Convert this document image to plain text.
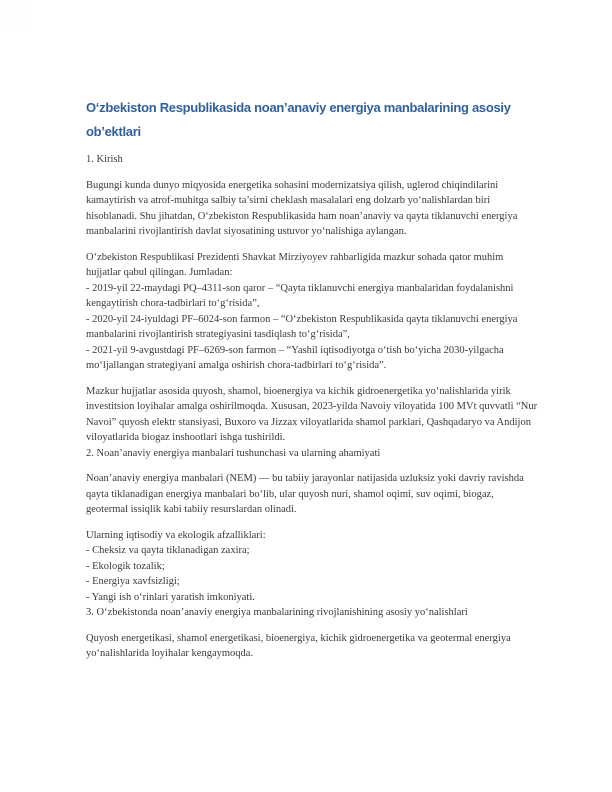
O‘zbekiston Respublikasida noan’anaviy energiya manbalarining asosiy ob’ektlari
1. Kirish

Bugungi kunda dunyo miqyosida energetika sohasini modernizatsiya qilish, uglerod chiqindilarini kamaytirish va atrof-muhitga salbiy ta’sirni cheklash masalalari eng dolzarb yo‘nalishlardan biri hisoblanadi. Shu jihatdan, O‘zbekiston Respublikasida ham noan’anaviy va qayta tiklanuvchi energiya manbalarini rivojlantirish davlat siyosatining ustuvor yo‘nalishiga aylangan.

O‘zbekiston Respublikasi Prezidenti Shavkat Mirziyoyev rahbarligida mazkur sohada qator muhim hujjatlar qabul qilingan. Jumladan:
- 2019-yil 22-maydagi PQ–4311-son qaror – “Qayta tiklanuvchi energiya manbalaridan foydalanishni kengaytirish chora-tadbirlari to‘g‘risida”,
- 2020-yil 24-iyuldagi PF–6024-son farmon – “O‘zbekiston Respublikasida qayta tiklanuvchi energiya manbalarini rivojlantirish strategiyasini tasdiqlash to‘g‘risida”,
- 2021-yil 9-avgustdagi PF–6269-son farmon – “Yashil iqtisodiyotga o‘tish bo‘yicha 2030-yilgacha mo‘ljallangan strategiyani amalga oshirish chora-tadbirlari to‘g‘risida”.

Mazkur hujjatlar asosida quyosh, shamol, bioenergiya va kichik gidroenergetika yo‘nalishlarida yirik investitsion loyihalar amalga oshirilmoqda. Xususan, 2023-yilda Navoiy viloyatida 100 MVt quvvatli “Nur Navoi” quyosh elektr stansiyasi, Buxoro va Jizzax viloyatlarida shamol parklari, Qashqadaryo va Andijon viloyatlarida biogaz inshootlari ishga tushirildi.

2. Noan’anaviy energiya manbalari tushunchasi va ularning ahamiyati

Noan’anaviy energiya manbalari (NEM) — bu tabiiy jarayonlar natijasida uzluksiz yoki davriy ravishda qayta tiklanadigan energiya manbalari bo‘lib, ular quyosh nuri, shamol oqimi, suv oqimi, biogaz, geotermal issiqlik kabi tabiiy resurslardan olinadi.

Ularning iqtisodiy va ekologik afzalliklari:
- Cheksiz va qayta tiklanadigan zaxira;
- Ekologik tozalik;
- Energiya xavfsizligi;
- Yangi ish o‘rinlari yaratish imkoniyati.
3. O‘zbekistonda noan’anaviy energiya manbalarining rivojlanishining asosiy yo‘nalishlari

Quyosh energetikasi, shamol energetikasi, bioenergiya, kichik gidroenergetika va geotermal energiya yo‘nalishlarida loyihalar kengaymoqda.
